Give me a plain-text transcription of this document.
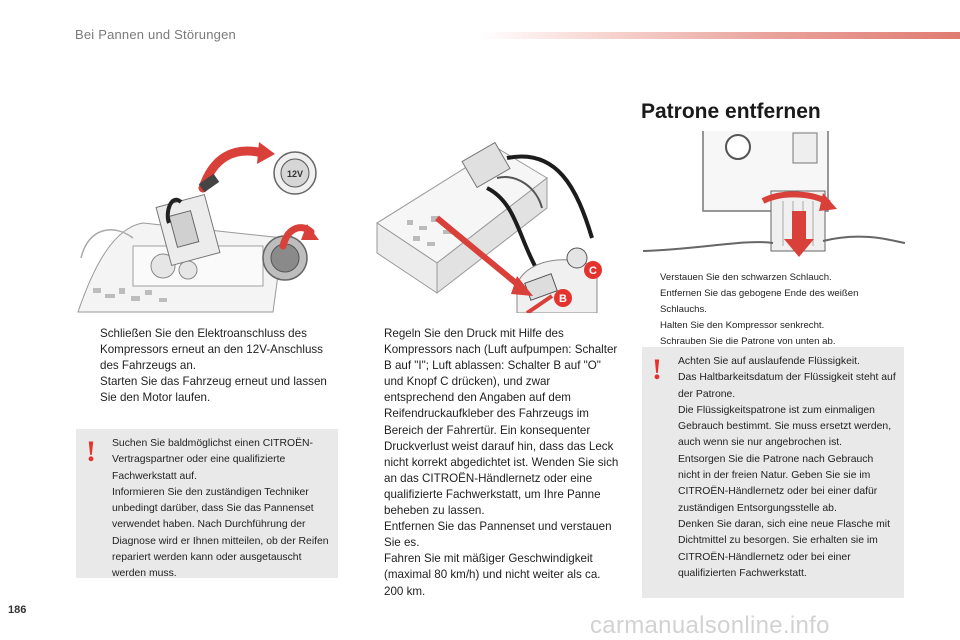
Bei Pannen und Störungen
12V
B
C
Patrone entfernen
Schließen Sie den Elektroanschluss des Kompressors erneut an den 12V-Anschluss des Fahrzeugs an.
Starten Sie das Fahrzeug erneut und lassen Sie den Motor laufen.
! Suchen Sie baldmöglichst einen CITROËN-Vertragspartner oder eine qualifizierte Fachwerkstatt auf.
Informieren Sie den zuständigen Techniker unbedingt darüber, dass Sie das Pannenset verwendet haben. Nach Durchführung der Diagnose wird er Ihnen mitteilen, ob der Reifen repariert werden kann oder ausgetauscht werden muss.
Regeln Sie den Druck mit Hilfe des Kompressors nach (Luft aufpumpen: Schalter B auf "I"; Luft ablassen: Schalter B auf "O" und Knopf C drücken), und zwar entsprechend den Angaben auf dem Reifendruckaufkleber des Fahrzeugs im Bereich der Fahrertür. Ein konsequenter Druckverlust weist darauf hin, dass das Leck nicht korrekt abgedichtet ist. Wenden Sie sich an das CITROËN-Händlernetz oder eine qualifizierte Fachwerkstatt, um Ihre Panne beheben zu lassen.
Entfernen Sie das Pannenset und verstauen Sie es.
Fahren Sie mit mäßiger Geschwindigkeit (maximal 80 km/h) und nicht weiter als ca. 200 km.
Verstauen Sie den schwarzen Schlauch.
Entfernen Sie das gebogene Ende des weißen Schlauchs.
Halten Sie den Kompressor senkrecht.
Schrauben Sie die Patrone von unten ab.
! Achten Sie auf auslaufende Flüssigkeit.
Das Haltbarkeitsdatum der Flüssigkeit steht auf der Patrone.
Die Flüssigkeitspatrone ist zum einmaligen Gebrauch bestimmt. Sie muss ersetzt werden, auch wenn sie nur angebrochen ist.
Entsorgen Sie die Patrone nach Gebrauch nicht in der freien Natur. Geben Sie sie im CITROËN-Händlernetz oder bei einer dafür zuständigen Entsorgungsstelle ab.
Denken Sie daran, sich eine neue Flasche mit Dichtmittel zu besorgen. Sie erhalten sie im CITROËN-Händlernetz oder bei einer qualifizierten Fachwerkstatt.
186
carmanualsonline.info
